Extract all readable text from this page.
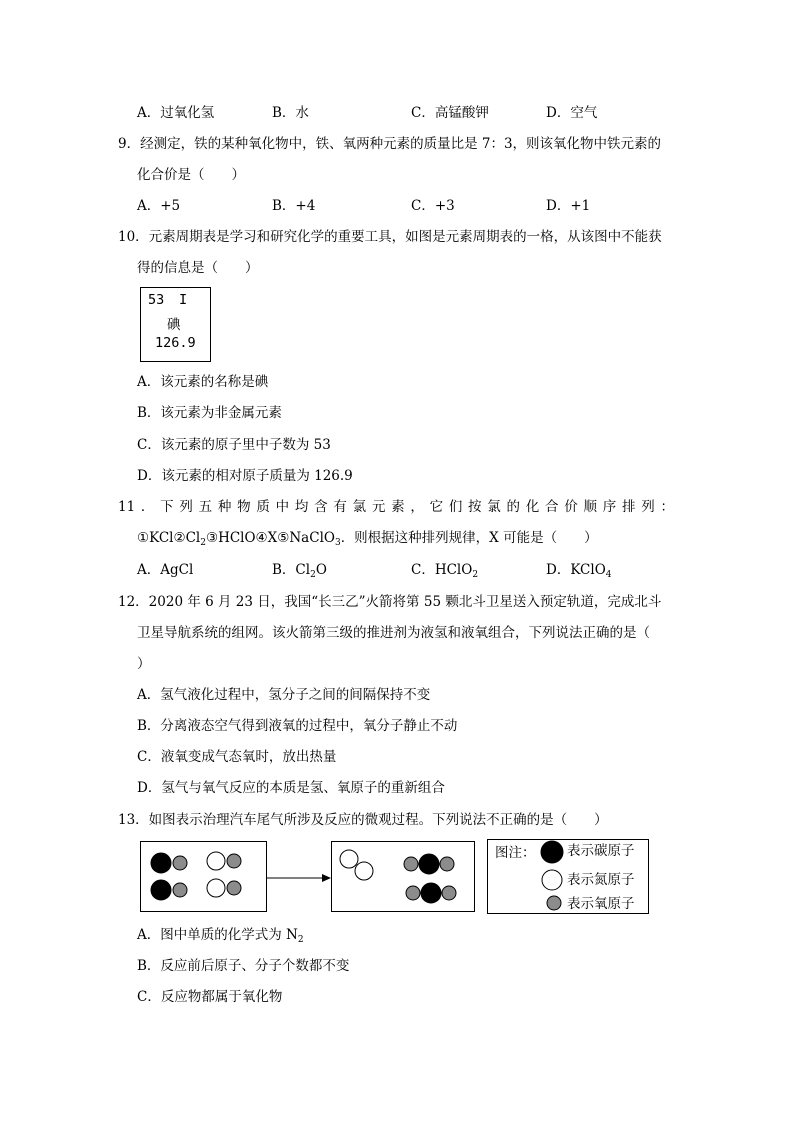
A．过氧化氢	B．水	C．高锰酸钾	D．空气
9．经测定，铁的某种氧化物中，铁、氧两种元素的质量比是 7：3，则该氧化物中铁元素的
化合价是（　　）
A．+5	B．+4	C．+3	D．+1
10．元素周期表是学习和研究化学的重要工具，如图是元素周期表的一格，从该图中不能获
得的信息是（　　）
53 I
碘
126.9
A．该元素的名称是碘
B．该元素为非金属元素
C．该元素的原子里中子数为 53
D．该元素的相对原子质量为 126.9
11．下列五种物质中均含有氯元素，它们按氯的化合价顺序排列：
$①KCl②Cl_2③HClO④X⑤NaClO_3$．则根据这种排列规律，X 可能是（　　）
A．AgCl	B．$Cl_2O$	C．HClO$_2$	D．KClO$_4$
12．2020 年 6 月 23 日，我国“长三乙”火箭将第 55 颗北斗卫星送入预定轨道，完成北斗
卫星导航系统的组网。该火箭第三级的推进剂为液氢和液氧组合，下列说法正确的是（
）
A．氢气液化过程中，氢分子之间的间隔保持不变
B．分离液态空气得到液氧的过程中，氧分子静止不动
C．液氧变成气态氧时，放出热量
D．氢气与氧气反应的本质是氢、氧原子的重新组合
13．如图表示治理汽车尾气所涉及反应的微观过程。下列说法不正确的是（　　）
图注： 表示碳原子
表示氮原子
表示氧原子
A．图中单质的化学式为 $N_2$
B．反应前后原子、分子个数都不变
C．反应物都属于氧化物
